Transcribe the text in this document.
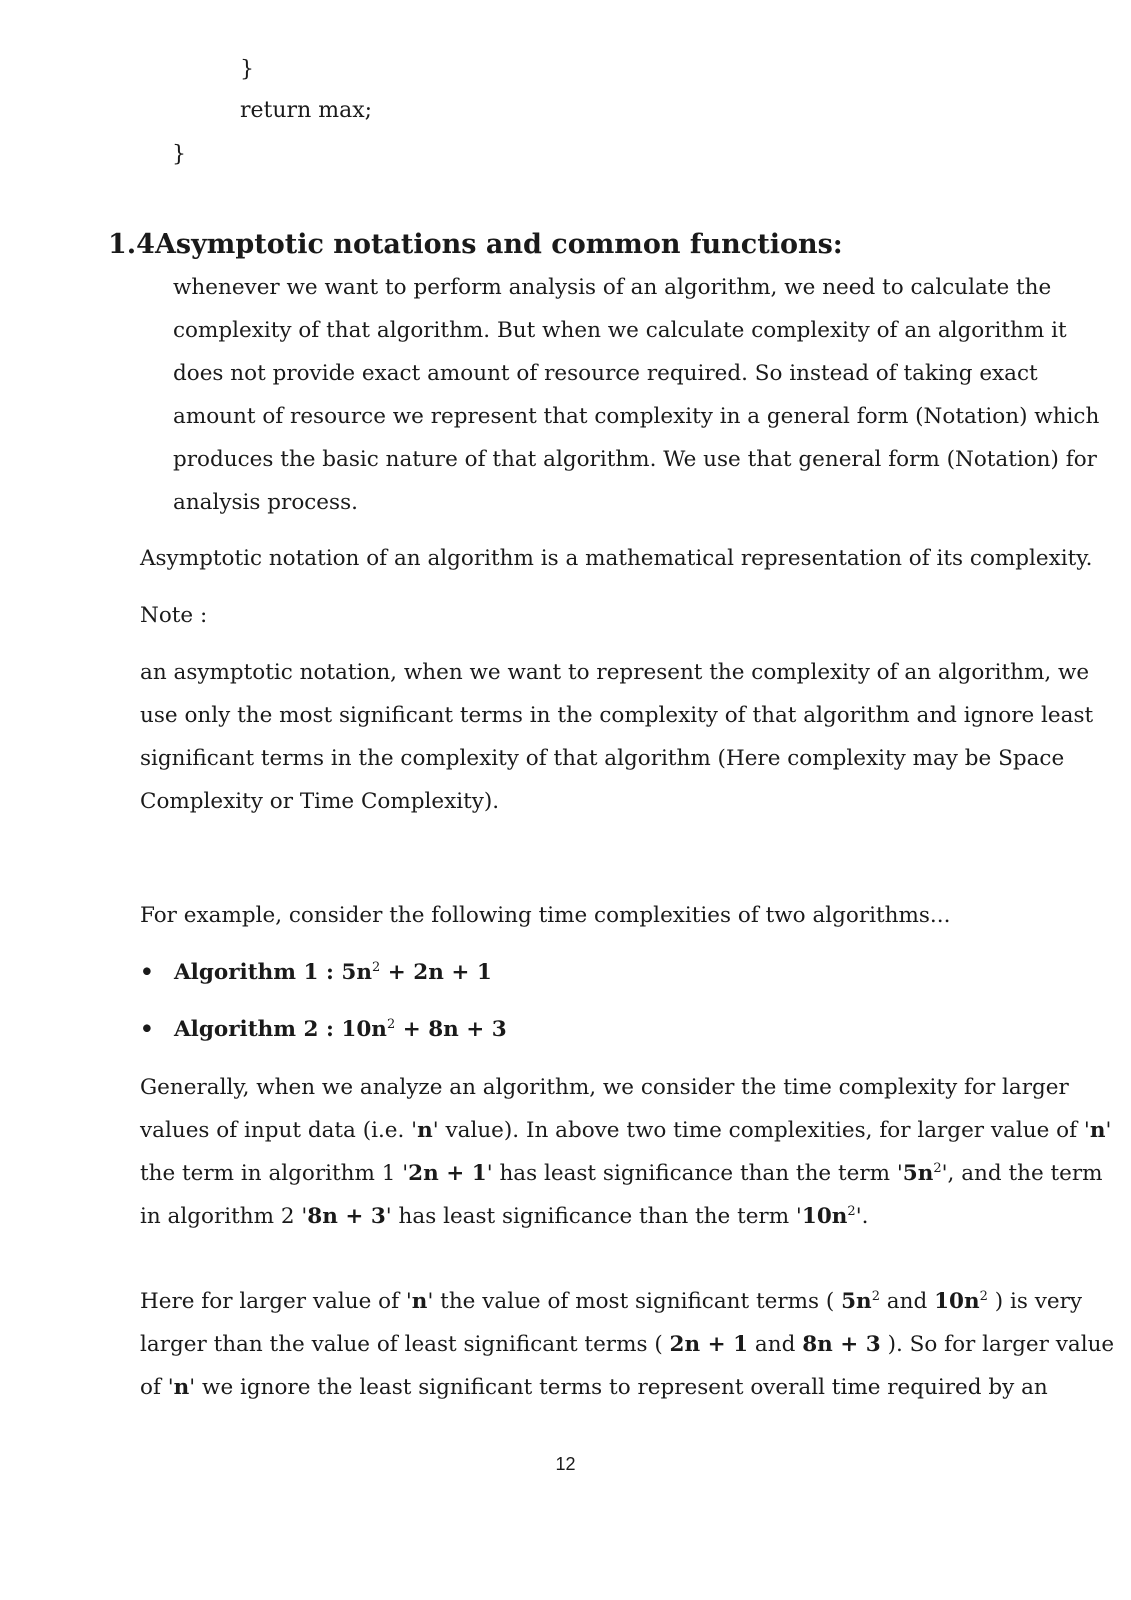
}
return max;
}
1.4Asymptotic notations and common functions:
whenever we want to perform analysis of an algorithm, we need to calculate the
complexity of that algorithm. But when we calculate complexity of an algorithm it
does not provide exact amount of resource required. So instead of taking exact
amount of resource we represent that complexity in a general form (Notation) which
produces the basic nature of that algorithm. We use that general form (Notation) for
analysis process.
Asymptotic notation of an algorithm is a mathematical representation of its complexity.
Note :
an asymptotic notation, when we want to represent the complexity of an algorithm, we
use only the most significant terms in the complexity of that algorithm and ignore least
significant terms in the complexity of that algorithm (Here complexity may be Space
Complexity or Time Complexity).
For example, consider the following time complexities of two algorithms...
• Algorithm 1 : $5n^2 + 2n + 1$
• Algorithm 2 : $10n^2 + 8n + 3$
Generally, when we analyze an algorithm, we consider the time complexity for larger
values of input data (i.e. 'n' value). In above two time complexities, for larger value of 'n'
the term in algorithm 1 '2n + 1' has least significance than the term '$5n^2$', and the term
in algorithm 2 '8n + 3' has least significance than the term '$10n^2$'.
Here for larger value of 'n' the value of most significant terms ( $5n^2$ and $10n^2$ ) is very
larger than the value of least significant terms ( 2n + 1 and 8n + 3 ). So for larger value
of 'n' we ignore the least significant terms to represent overall time required by an
12
